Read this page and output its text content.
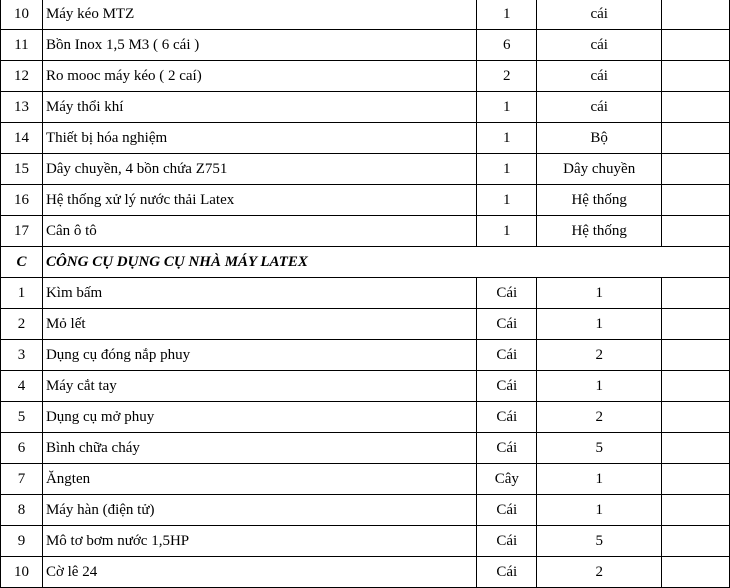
10	Máy kéo MTZ	1	cái	
11	Bồn Inox 1,5 M3 ( 6 cái )	6	cái	
12	Ro mooc máy kéo ( 2 caí)	2	cái	
13	Máy thổi khí	1	cái	
14	Thiết bị hóa nghiệm	1	Bộ	
15	Dây chuyền, 4 bồn chứa Z751	1	Dây chuyền	
16	Hệ thống xử lý nước thải Latex	1	Hệ thống	
17	Cân ô tô	1	Hệ thống	
C	CÔNG CỤ DỤNG CỤ NHÀ MÁY LATEX			
1	Kìm bấm	Cái	1	
2	Mỏ lết	Cái	1	
3	Dụng cụ đóng nắp phuy	Cái	2	
4	Máy cắt tay	Cái	1	
5	Dụng cụ mở phuy	Cái	2	
6	Bình chữa cháy	Cái	5	
7	Ăngten	Cây	1	
8	Máy hàn (điện tử)	Cái	1	
9	Mô tơ bơm nước 1,5HP	Cái	5	
10	Cờ lê 24	Cái	2	
